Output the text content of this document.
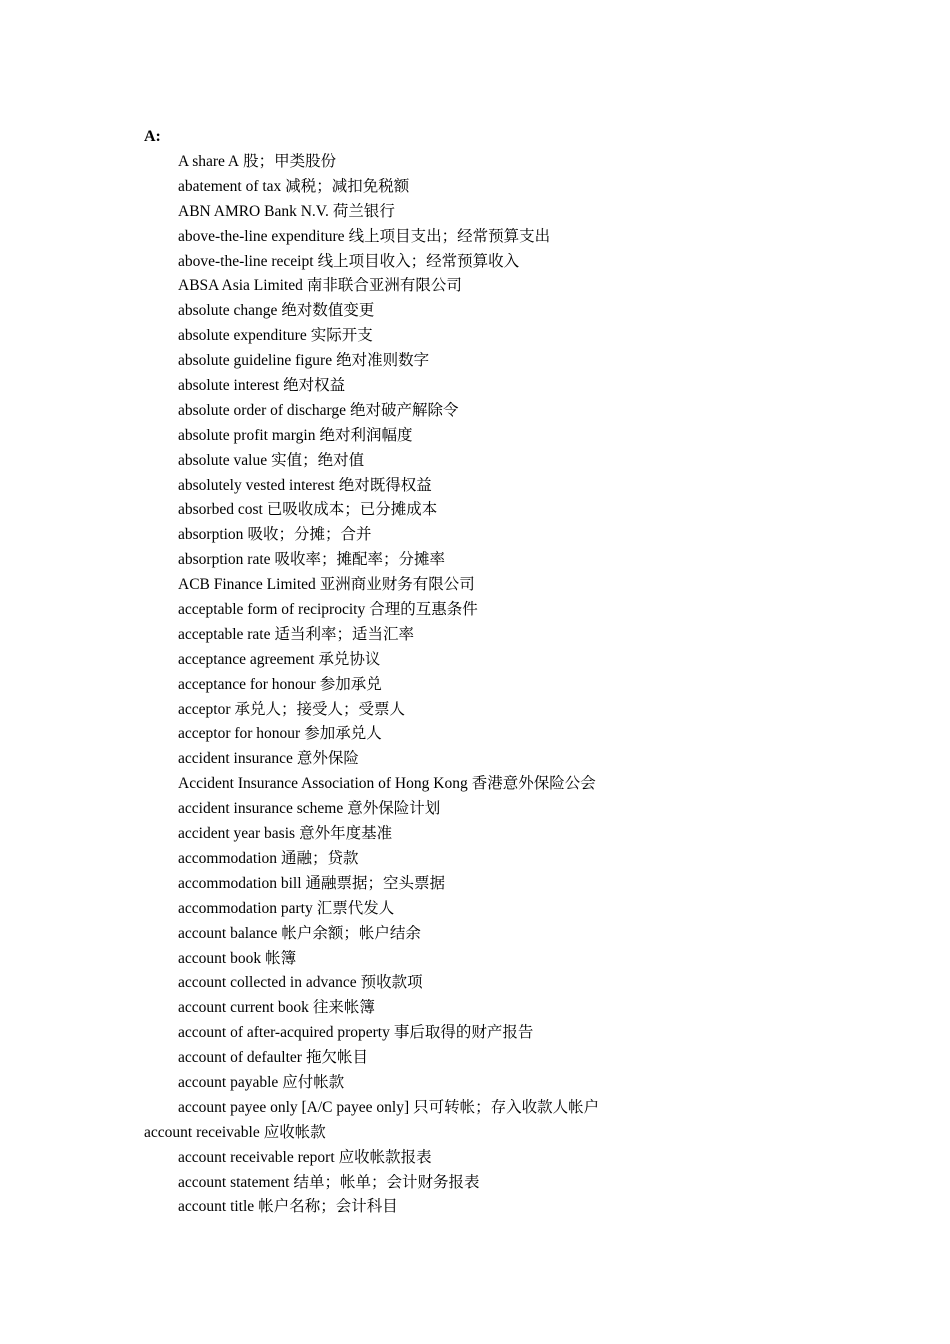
A:
A share A 股；甲类股份
abatement of tax 减税；减扣免税额
ABN AMRO Bank N.V. 荷兰银行
above-the-line expenditure 线上项目支出；经常预算支出
above-the-line receipt 线上项目收入；经常预算收入
ABSA Asia Limited 南非联合亚洲有限公司
absolute change 绝对数值变更
absolute expenditure 实际开支
absolute guideline figure 绝对准则数字
absolute interest 绝对权益
absolute order of discharge 绝对破产解除令
absolute profit margin 绝对利润幅度
absolute value 实值；绝对值
absolutely vested interest 绝对既得权益
absorbed cost 已吸收成本；已分摊成本
absorption 吸收；分摊；合并
absorption rate 吸收率；摊配率；分摊率
ACB Finance Limited 亚洲商业财务有限公司
acceptable form of reciprocity 合理的互惠条件
acceptable rate 适当利率；适当汇率
acceptance agreement 承兑协议
acceptance for honour 参加承兑
acceptor 承兑人；接受人；受票人
acceptor for honour 参加承兑人
accident insurance 意外保险
Accident Insurance Association of Hong Kong 香港意外保险公会
accident insurance scheme 意外保险计划
accident year basis 意外年度基准
accommodation 通融；贷款
accommodation bill 通融票据；空头票据
accommodation party 汇票代发人
account balance 帐户余额；帐户结余
account book 帐簿
account collected in advance 预收款项
account current book 往来帐簿
account of after-acquired property 事后取得的财产报告
account of defaulter 拖欠帐目
account payable 应付帐款
account payee only [A/C payee only] 只可转帐；存入收款人帐户
account receivable 应收帐款
account receivable report 应收帐款报表
account statement 结单；帐单；会计财务报表
account title 帐户名称；会计科目
